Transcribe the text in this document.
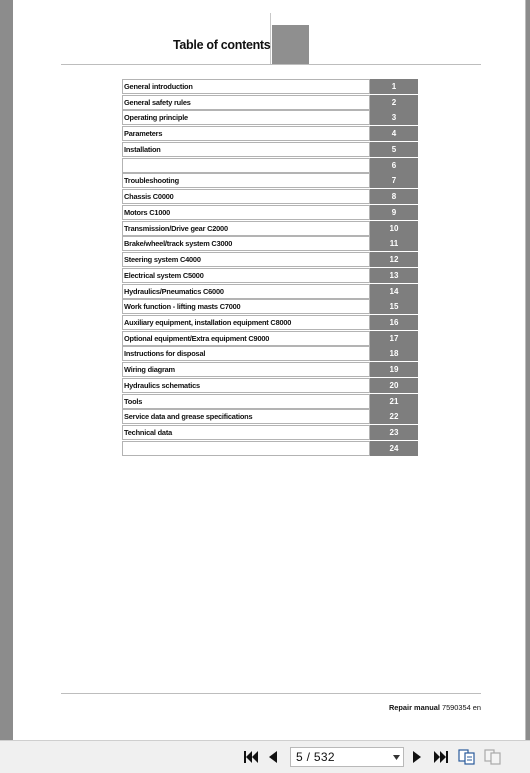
Table of contents
General introduction	1
General safety rules	2
Operating principle	3
Parameters	4
Installation	5
6
Troubleshooting	7
Chassis C0000	8
Motors C1000	9
Transmission/Drive gear C2000	10
Brake/wheel/track system C3000	11
Steering system C4000	12
Electrical system C5000	13
Hydraulics/Pneumatics C6000	14
Work function - lifting masts C7000	15
Auxiliary equipment, installation equipment C8000	16
Optional equipment/Extra equipment C9000	17
Instructions for disposal	18
Wiring diagram	19
Hydraulics schematics	20
Tools	21
Service data and grease specifications	22
Technical data	23
24
Repair manual 7590354 en
5 / 532
